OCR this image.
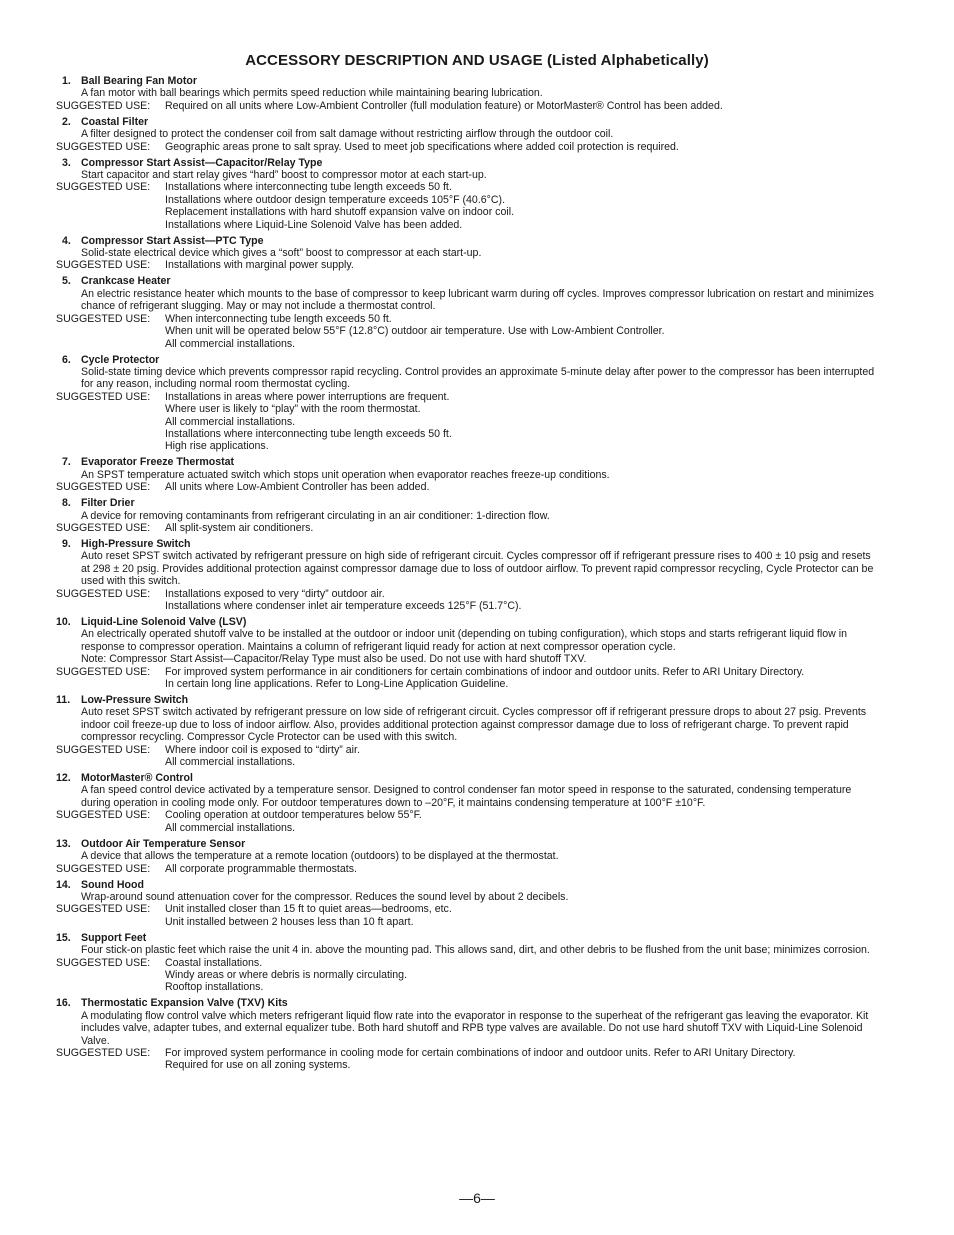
ACCESSORY DESCRIPTION AND USAGE (Listed Alphabetically)
1. Ball Bearing Fan Motor
A fan motor with ball bearings which permits speed reduction while maintaining bearing lubrication.
SUGGESTED USE:	Required on all units where Low-Ambient Controller (full modulation feature) or MotorMaster® Control has been added.
2. Coastal Filter
A filter designed to protect the condenser coil from salt damage without restricting airflow through the outdoor coil.
SUGGESTED USE:	Geographic areas prone to salt spray. Used to meet job specifications where added coil protection is required.
3. Compressor Start Assist—Capacitor/Relay Type
Start capacitor and start relay gives “hard” boost to compressor motor at each start-up.
SUGGESTED USE:	Installations where interconnecting tube length exceeds 50 ft.
Installations where outdoor design temperature exceeds 105°F (40.6°C).
Replacement installations with hard shutoff expansion valve on indoor coil.
Installations where Liquid-Line Solenoid Valve has been added.
4. Compressor Start Assist—PTC Type
Solid-state electrical device which gives a “soft” boost to compressor at each start-up.
SUGGESTED USE:	Installations with marginal power supply.
5. Crankcase Heater
An electric resistance heater which mounts to the base of compressor to keep lubricant warm during off cycles. Improves compressor lubrication on restart and minimizes chance of refrigerant slugging. May or may not include a thermostat control.
SUGGESTED USE:	When interconnecting tube length exceeds 50 ft.
When unit will be operated below 55°F (12.8°C) outdoor air temperature. Use with Low-Ambient Controller.
All commercial installations.
6. Cycle Protector
Solid-state timing device which prevents compressor rapid recycling. Control provides an approximate 5-minute delay after power to the compressor has been interrupted for any reason, including normal room thermostat cycling.
SUGGESTED USE:	Installations in areas where power interruptions are frequent.
Where user is likely to “play” with the room thermostat.
All commercial installations.
Installations where interconnecting tube length exceeds 50 ft.
High rise applications.
7. Evaporator Freeze Thermostat
An SPST temperature actuated switch which stops unit operation when evaporator reaches freeze-up conditions.
SUGGESTED USE:	All units where Low-Ambient Controller has been added.
8. Filter Drier
A device for removing contaminants from refrigerant circulating in an air conditioner: 1-direction flow.
SUGGESTED USE:	All split-system air conditioners.
9. High-Pressure Switch
Auto reset SPST switch activated by refrigerant pressure on high side of refrigerant circuit. Cycles compressor off if refrigerant pressure rises to 400 ± 10 psig and resets at 298 ± 20 psig. Provides additional protection against compressor damage due to loss of outdoor airflow. To prevent rapid compressor recycling, Cycle Protector can be used with this switch.
SUGGESTED USE:	Installations exposed to very “dirty” outdoor air.
Installations where condenser inlet air temperature exceeds 125°F (51.7°C).
10. Liquid-Line Solenoid Valve (LSV)
An electrically operated shutoff valve to be installed at the outdoor or indoor unit (depending on tubing configuration), which stops and starts refrigerant liquid flow in response to compressor operation. Maintains a column of refrigerant liquid ready for action at next compressor operation cycle.
Note: Compressor Start Assist—Capacitor/Relay Type must also be used. Do not use with hard shutoff TXV.
SUGGESTED USE:	For improved system performance in air conditioners for certain combinations of indoor and outdoor units. Refer to ARI Unitary Directory.
In certain long line applications. Refer to Long-Line Application Guideline.
11. Low-Pressure Switch
Auto reset SPST switch activated by refrigerant pressure on low side of refrigerant circuit. Cycles compressor off if refrigerant pressure drops to about 27 psig. Prevents indoor coil freeze-up due to loss of indoor airflow. Also, provides additional protection against compressor damage due to loss of refrigerant charge. To prevent rapid compressor recycling. Compressor Cycle Protector can be used with this switch.
SUGGESTED USE:	Where indoor coil is exposed to “dirty” air.
All commercial installations.
12. MotorMaster® Control
A fan speed control device activated by a temperature sensor. Designed to control condenser fan motor speed in response to the saturated, condensing temperature during operation in cooling mode only. For outdoor temperatures down to –20°F, it maintains condensing temperature at 100°F ±10°F.
SUGGESTED USE:	Cooling operation at outdoor temperatures below 55°F.
All commercial installations.
13. Outdoor Air Temperature Sensor
A device that allows the temperature at a remote location (outdoors) to be displayed at the thermostat.
SUGGESTED USE:	All corporate programmable thermostats.
14. Sound Hood
Wrap-around sound attenuation cover for the compressor. Reduces the sound level by about 2 decibels.
SUGGESTED USE:	Unit installed closer than 15 ft to quiet areas—bedrooms, etc.
Unit installed between 2 houses less than 10 ft apart.
15. Support Feet
Four stick-on plastic feet which raise the unit 4 in. above the mounting pad. This allows sand, dirt, and other debris to be flushed from the unit base; minimizes corrosion.
SUGGESTED USE:	Coastal installations.
Windy areas or where debris is normally circulating.
Rooftop installations.
16. Thermostatic Expansion Valve (TXV) Kits
A modulating flow control valve which meters refrigerant liquid flow rate into the evaporator in response to the superheat of the refrigerant gas leaving the evaporator. Kit includes valve, adapter tubes, and external equalizer tube. Both hard shutoff and RPB type valves are available. Do not use hard shutoff TXV with Liquid-Line Solenoid Valve.
SUGGESTED USE:	For improved system performance in cooling mode for certain combinations of indoor and outdoor units. Refer to ARI Unitary Directory.
Required for use on all zoning systems.
—6—
